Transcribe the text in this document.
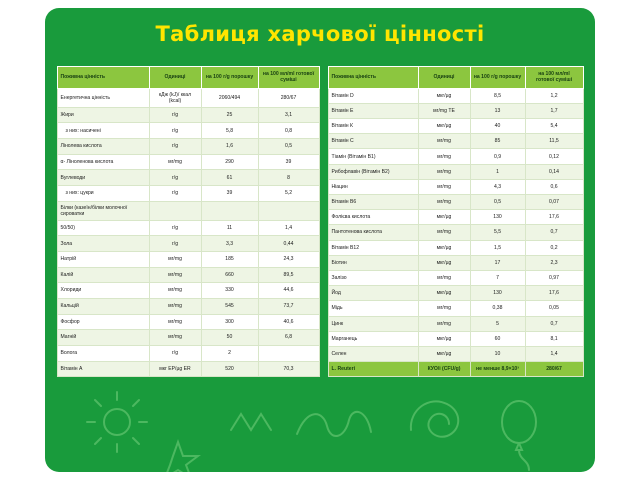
Таблиця харчової цінності
Поживна цінність	Одиниці	на 100 г/g порошку	на 100 мл/ml готової суміші
Енергетична цінність	кДж (kJ)/ ккал (kcal)	2060/494	280/67
Жири	г/g	25	3,1
з них: насичені	г/g	5,8	0,8
Лінолева кислота	г/g	1,6	0,5
α- Ліноленова кислота	мг/mg	290	39
Вуглеводи	г/g	61	8
з них: цукри	г/g	39	5,2
Білки (казеїн/білки молочної сироватки			
50/50)	г/g	11	1,4
Зола	г/g	3,3	0,44
Натрій	мг/mg	185	24,3
Калій	мг/mg	660	89,5
Хлориди	мг/mg	330	44,6
Кальцій	мг/mg	545	73,7
Фосфор	мг/mg	300	40,6
Магній	мг/mg	50	6,8
Волога	г/g	2	
Вітамін А	мкг ЕР/µg ER	520	70,3
Поживна цінність	Одиниці	на 100 г/g порошку	на 100 мл/ml готової суміші
Вітамін D	мкг/µg	8,5	1,2
Вітамін Е	мг/mg ТЕ	13	1,7
Вітамін К	мкг/µg	40	5,4
Вітамін С	мг/mg	85	11,5
Тіамін (Вітамін В1)	мг/mg	0,9	0,12
Рибофлавін (Вітамін В2)	мг/mg	1	0,14
Ніацин	мг/mg	4,3	0,6
Вітамін В6	мг/mg	0,5	0,07
Фолієва кислота	мкг/µg	130	17,6
Пантотенова кислота	мг/mg	5,5	0,7
Вітамін В12	мкг/µg	1,5	0,2
Біотин	мкг/µg	17	2,3
Залізо	мг/mg	7	0,97
Йод	мкг/µg	130	17,6
Мідь	мг/mg	0,38	0,05
Цинк	мг/mg	5	0,7
Марганець	мкг/µg	60	8,1
Селен	мкг/µg	10	1,4
L. Reuteri	КУО/і (CFU/g)	не менше 8,9×10³	280/67
